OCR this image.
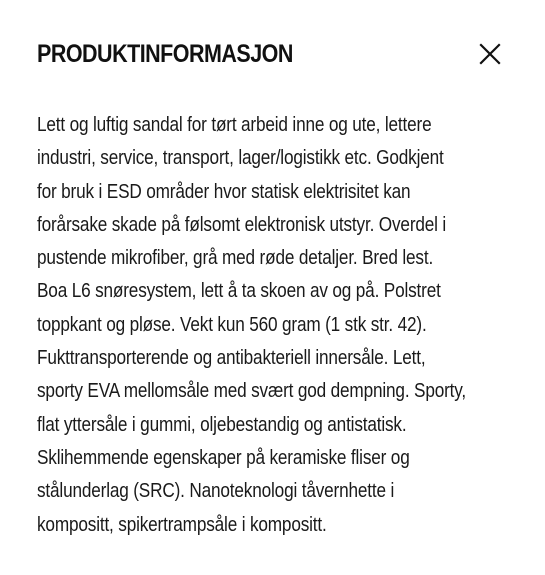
PRODUKTINFORMASJON

Lett og luftig sandal for tørt arbeid inne og ute, lettere
industri, service, transport, lager/logistikk etc. Godkjent
for bruk i ESD områder hvor statisk elektrisitet kan
forårsake skade på følsomt elektronisk utstyr. Overdel i
pustende mikrofiber, grå med røde detaljer. Bred lest.
Boa L6 snøresystem, lett å ta skoen av og på. Polstret
toppkant og pløse. Vekt kun 560 gram (1 stk str. 42).
Fukttransporterende og antibakteriell innersåle. Lett,
sporty EVA mellomsåle med svært god dempning. Sporty,
flat yttersåle i gummi, oljebestandig og antistatisk.
Sklihemmende egenskaper på keramiske fliser og
stålunderlag (SRC). Nanoteknologi tåvernhette i
kompositt, spikertrampsåle i kompositt.
